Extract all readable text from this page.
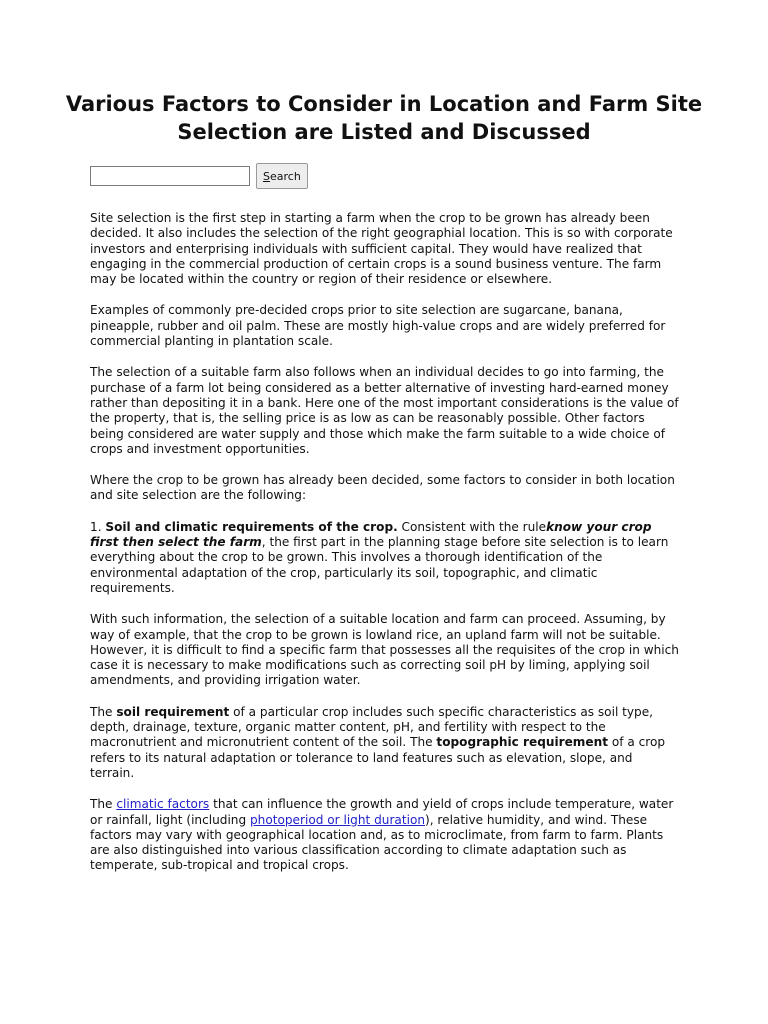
Various Factors to Consider in Location and Farm Site Selection are Listed and Discussed
Search

Site selection is the first step in starting a farm when the crop to be grown has already been decided. It also includes the selection of the right geographial location. This is so with corporate investors and enterprising individuals with sufficient capital. They would have realized that engaging in the commercial production of certain crops is a sound business venture. The farm may be located within the country or region of their residence or elsewhere.

Examples of commonly pre-decided crops prior to site selection are sugarcane, banana, pineapple, rubber and oil palm. These are mostly high-value crops and are widely preferred for commercial planting in plantation scale.

The selection of a suitable farm also follows when an individual decides to go into farming, the purchase of a farm lot being considered as a better alternative of investing hard-earned money rather than depositing it in a bank. Here one of the most important considerations is the value of the property, that is, the selling price is as low as can be reasonably possible. Other factors being considered are water supply and those which make the farm suitable to a wide choice of crops and investment opportunities.

Where the crop to be grown has already been decided, some factors to consider in both location and site selection are the following:

1. Soil and climatic requirements of the crop. Consistent with the ruleknow your crop first then select the farm, the first part in the planning stage before site selection is to learn everything about the crop to be grown. This involves a thorough identification of the environmental adaptation of the crop, particularly its soil, topographic, and climatic requirements.

With such information, the selection of a suitable location and farm can proceed. Assuming, by way of example, that the crop to be grown is lowland rice, an upland farm will not be suitable. However, it is difficult to find a specific farm that possesses all the requisites of the crop in which case it is necessary to make modifications such as correcting soil pH by liming, applying soil amendments, and providing irrigation water.

The soil requirement of a particular crop includes such specific characteristics as soil type, depth, drainage, texture, organic matter content, pH, and fertility with respect to the macronutrient and micronutrient content of the soil. The topographic requirement of a crop refers to its natural adaptation or tolerance to land features such as elevation, slope, and terrain.

The climatic factors that can influence the growth and yield of crops include temperature, water or rainfall, light (including photoperiod or light duration), relative humidity, and wind. These factors may vary with geographical location and, as to microclimate, from farm to farm. Plants are also distinguished into various classification according to climate adaptation such as temperate, sub-tropical and tropical crops.
